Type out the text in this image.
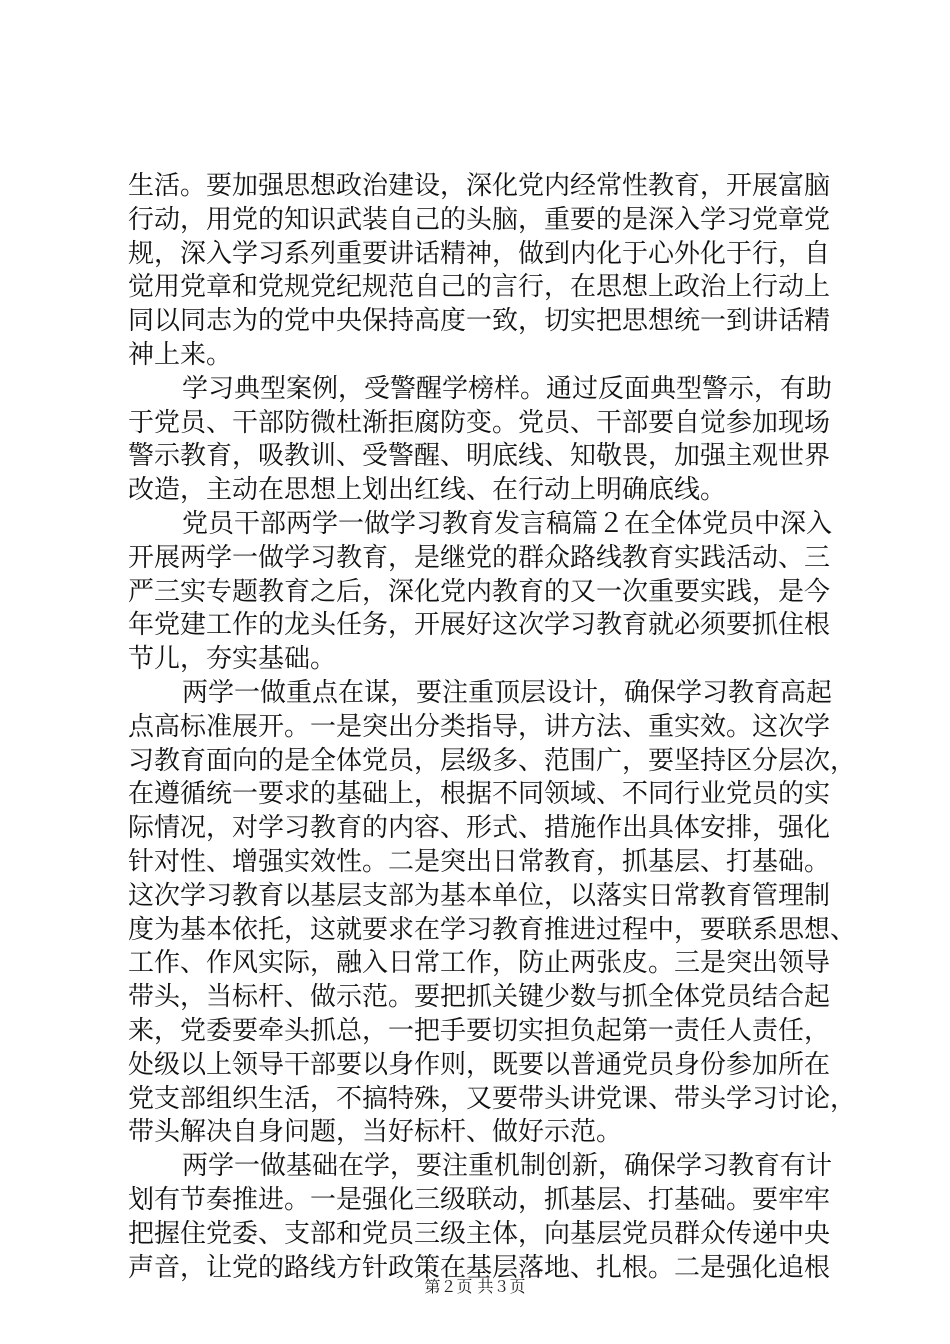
生活。要加强思想政治建设，深化党内经常性教育，开展富脑
行动，用党的知识武装自己的头脑，重要的是深入学习党章党
规，深入学习系列重要讲话精神，做到内化于心外化于行，自
觉用党章和党规党纪规范自己的言行，在思想上政治上行动上
同以同志为的党中央保持高度一致，切实把思想统一到讲话精
神上来。
学习典型案例，受警醒学榜样。通过反面典型警示，有助
于党员、干部防微杜渐拒腐防变。党员、干部要自觉参加现场
警示教育，吸教训、受警醒、明底线、知敬畏，加强主观世界
改造，主动在思想上划出红线、在行动上明确底线。
党员干部两学一做学习教育发言稿篇２在全体党员中深入
开展两学一做学习教育，是继党的群众路线教育实践活动、三
严三实专题教育之后，深化党内教育的又一次重要实践，是今
年党建工作的龙头任务，开展好这次学习教育就必须要抓住根
节儿，夯实基础。
两学一做重点在谋，要注重顶层设计，确保学习教育高起
点高标准展开。一是突出分类指导，讲方法、重实效。这次学
习教育面向的是全体党员，层级多、范围广，要坚持区分层次，
在遵循统一要求的基础上，根据不同领域、不同行业党员的实
际情况，对学习教育的内容、形式、措施作出具体安排，强化
针对性、增强实效性。二是突出日常教育，抓基层、打基础。
这次学习教育以基层支部为基本单位，以落实日常教育管理制
度为基本依托，这就要求在学习教育推进过程中，要联系思想、
工作、作风实际，融入日常工作，防止两张皮。三是突出领导
带头，当标杆、做示范。要把抓关键少数与抓全体党员结合起
来，党委要牵头抓总，一把手要切实担负起第一责任人责任，
处级以上领导干部要以身作则，既要以普通党员身份参加所在
党支部组织生活，不搞特殊，又要带头讲党课、带头学习讨论，
带头解决自身问题，当好标杆、做好示范。
两学一做基础在学，要注重机制创新，确保学习教育有计
划有节奏推进。一是强化三级联动，抓基层、打基础。要牢牢
把握住党委、支部和党员三级主体，向基层党员群众传递中央
声音，让党的路线方针政策在基层落地、扎根。二是强化追根
第２页 共３页
